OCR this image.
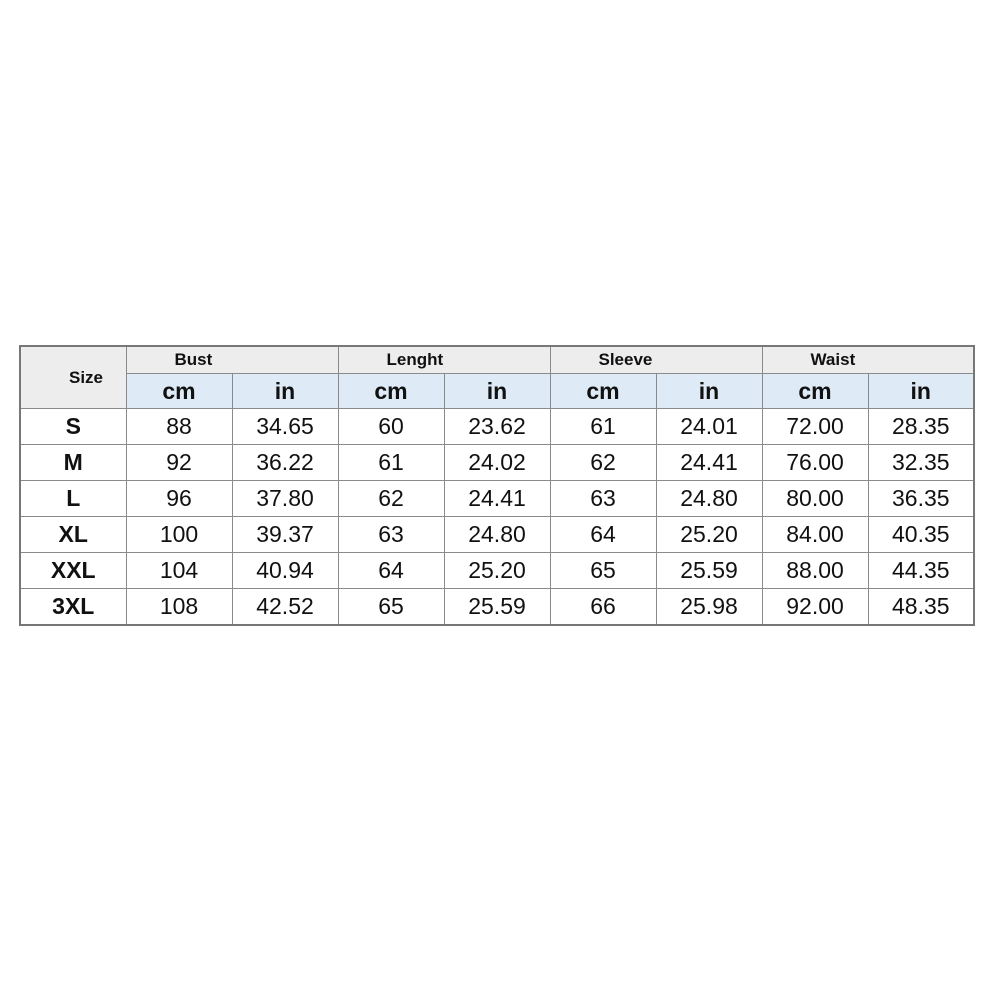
Size	Bust		Lenght		Sleeve		Waist	
	cm	in	cm	in	cm	in	cm	in
S	88	34.65	60	23.62	61	24.01	72.00	28.35
M	92	36.22	61	24.02	62	24.41	76.00	32.35
L	96	37.80	62	24.41	63	24.80	80.00	36.35
XL	100	39.37	63	24.80	64	25.20	84.00	40.35
XXL	104	40.94	64	25.20	65	25.59	88.00	44.35
3XL	108	42.52	65	25.59	66	25.98	92.00	48.35
